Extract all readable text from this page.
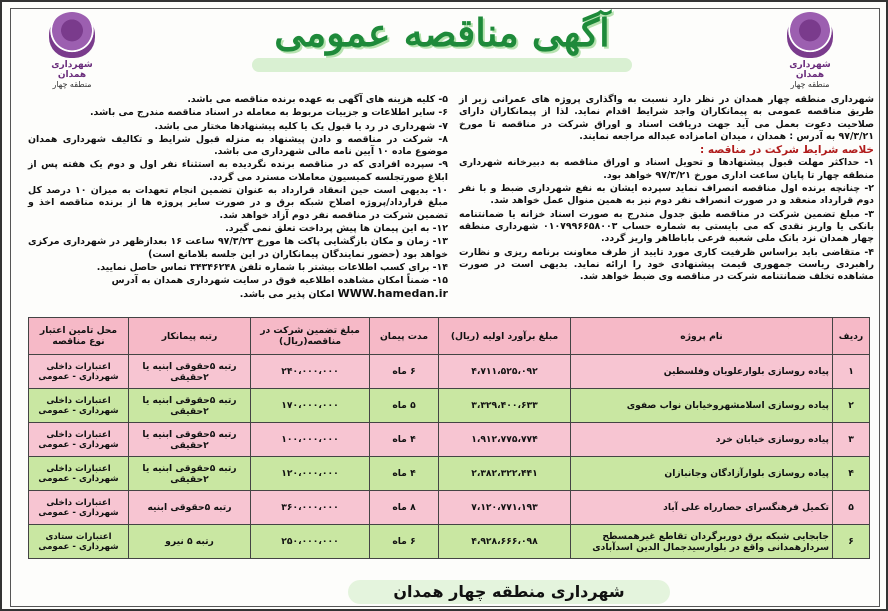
شهرداری همدان
منطقه چهار
شهرداری همدان
منطقه چهار
آگهی مناقصه عمومی

شهرداری منطقه چهار همدان در نظر دارد نسبت به واگذاری پروژه های عمرانی زیر از طریق مناقصه عمومی به پیمانکاران واجد شرایط اقدام نماید. لذا از پیمانکاران دارای صلاحیت دعوت بعمل می آید جهت دریافت اسناد و اوراق شرکت در مناقصه تا مورخ ۹۷/۳/۲۱ به آدرس : همدان ، میدان امامزاده عبداله مراجعه نمایند.

خلاصه شرایط شرکت در مناقصه :

۱- حداکثر مهلت قبول پیشنهادها و تحویل اسناد و اوراق مناقصه به دبیرخانه شهرداری منطقه چهار تا پایان ساعت اداری مورخ ۹۷/۳/۲۱ خواهد بود.

۲- چنانچه برنده اول مناقصه انصراف نماید سپرده ایشان به نفع شهرداری ضبط و با نفر دوم قرارداد منعقد و در صورت انصراف نفر دوم نیز به همین منوال عمل خواهد شد.

۳- مبلغ تضمین شرکت در مناقصه طبق جدول مندرج به صورت اسناد خزانه یا ضمانتنامه بانکی یا واریز نقدی که می بایستی به شماره حساب ۰۱۰۷۹۹۶۶۵۸۰۰۳ شهرداری منطقه چهار همدان نزد بانک ملی شعبه فرعی باباطاهر واریز گردد.

۴- متقاضی باید براساس ظرفیت کاری مورد تایید از طرف معاونت برنامه ریزی و نظارت راهبردی ریاست جمهوری قیمت پیشنهادی خود را ارائه نماید. بدیهی است در صورت مشاهده تخلف ضمانتنامه شرکت در مناقصه وی ضبط خواهد شد.

۵- کلیه هزینه های آگهی به عهده برنده مناقصه می باشد.

۶- سایر اطلاعات و جزییات مربوط به معامله در اسناد مناقصه مندرج می باشد.

۷- شهرداری در رد یا قبول یک یا کلیه پیشنهادها مختار می باشد.

۸- شرکت در مناقصه و دادن پیشنهاد به منزله قبول شرایط و تکالیف شهرداری همدان موضوع ماده ۱۰ آیین نامه مالی شهرداری می باشد.

۹- سپرده افرادی که در مناقصه برنده نگردیده به استثناء نفر اول و دوم یک هفته پس از ابلاغ صورتجلسه کمیسیون معاملات مسترد می گردد.

۱۰- بدیهی است حین انعقاد قرارداد به عنوان تضمین انجام تعهدات به میزان ۱۰ درصد کل مبلغ قرارداد/پروژه اصلاح شبکه برق و در صورت سایر پروژه ها از برنده مناقصه اخذ و تضمین شرکت در مناقصه نفر دوم آزاد خواهد شد.

۱۲- به این پیمان ها پیش پرداخت تعلق نمی گیرد.

۱۳- زمان و مکان بازگشایی پاکت ها مورخ ۹۷/۳/۲۳ ساعت ۱۶ بعدازظهر در شهرداری مرکزی خواهد بود (حضور نمایندگان پیمانکاران در این جلسه بلامانع است)

۱۴- برای کسب اطلاعات بیشتر با شماره تلفن ۳۴۳۴۶۲۴۸ تماس حاصل نمایید.

۱۵- ضمناً امکان مشاهده اطلاعیه فوق در سایت شهرداری همدان به آدرس

WWW.hamedan.ir امکان پذیر می باشد.

ردیف	نام پروژه	مبلغ برآورد اولیه (ریال)	مدت پیمان	مبلغ تضمین شرکت در مناقصه(ریال)	رتبه پیمانکار	محل تامین اعتبار نوع مناقصه
۱	پیاده روسازی بلوارعلویان وفلسطین	۴،۷۱۱،۵۲۵،۰۹۲	۶ ماه	۲۴۰،۰۰۰،۰۰۰	رتبه ۵حقوقی ابنیه یا ۲حقیقی	اعتبارات داخلی شهرداری - عمومی
۲	پیاده روسازی اسلامشهروخیابان نواب صفوی	۳،۳۲۹،۴۰۰،۶۳۳	۵ ماه	۱۷۰،۰۰۰،۰۰۰	رتبه ۵حقوقی ابنیه یا ۲حقیقی	اعتبارات داخلی شهرداری - عمومی
۳	پیاده روسازی خیابان خرد	۱،۹۱۲،۷۷۵،۷۷۴	۴ ماه	۱۰۰،۰۰۰،۰۰۰	رتبه ۵حقوقی ابنیه یا ۲حقیقی	اعتبارات داخلی شهرداری - عمومی
۴	پیاده روسازی بلوارآزادگان وجانبازان	۲،۳۸۲،۳۲۲،۴۴۱	۴ ماه	۱۲۰،۰۰۰،۰۰۰	رتبه ۵حقوقی ابنیه یا ۲حقیقی	اعتبارات داخلی شهرداری - عمومی
۵	تکمیل فرهنگسرای حصارراه علی آباد	۷،۱۲۰،۷۷۱،۱۹۳	۸ ماه	۳۶۰،۰۰۰،۰۰۰	رتبه ۵حقوقی ابنیه	اعتبارات داخلی شهرداری - عمومی
۶	جابجایی شبکه برق دوربرگردان تقاطع غیرهمسطح سردارهمدانی واقع در بلوارسیدجمال الدین اسدآبادی	۴،۹۲۸،۶۶۶،۰۹۸	۶ ماه	۲۵۰،۰۰۰،۰۰۰	رتبه ۵ نیرو	اعتبارات ستادی شهرداری - عمومی
شهرداری منطقه چهار همدان
